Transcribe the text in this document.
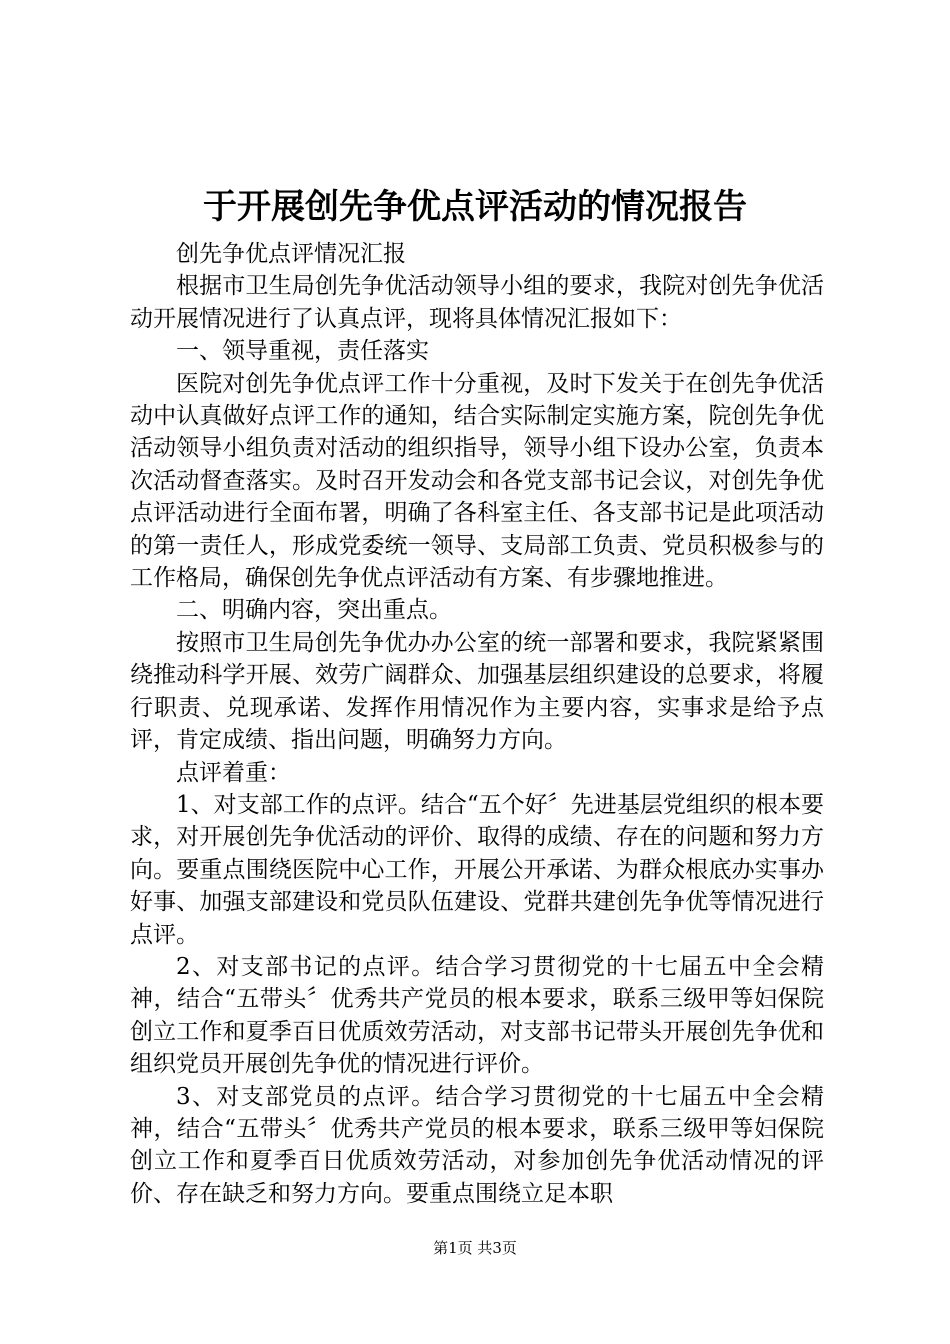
于开展创先争优点评活动的情况报告

创先争优点评情况汇报

根据市卫生局创先争优活动领导小组的要求，我院对创先争优活动开展情况进行了认真点评，现将具体情况汇报如下：

一、领导重视，责任落实

医院对创先争优点评工作十分重视，及时下发关于在创先争优活动中认真做好点评工作的通知，结合实际制定实施方案，院创先争优活动领导小组负责对活动的组织指导，领导小组下设办公室，负责本次活动督查落实。及时召开发动会和各党支部书记会议，对创先争优点评活动进行全面布署，明确了各科室主任、各支部书记是此项活动的第一责任人，形成党委统一领导、支局部工负责、党员积极参与的工作格局，确保创先争优点评活动有方案、有步骤地推进。

二、明确内容，突出重点。

按照市卫生局创先争优办办公室的统一部署和要求，我院紧紧围绕推动科学开展、效劳广阔群众、加强基层组织建设的总要求，将履行职责、兑现承诺、发挥作用情况作为主要内容，实事求是给予点评，肯定成绩、指出问题，明确努力方向。

点评着重：

1、对支部工作的点评。结合“五个好〞先进基层党组织的根本要求，对开展创先争优活动的评价、取得的成绩、存在的问题和努力方向。要重点围绕医院中心工作，开展公开承诺、为群众根底办实事办好事、加强支部建设和党员队伍建设、党群共建创先争优等情况进行点评。

2、对支部书记的点评。结合学习贯彻党的十七届五中全会精神，结合“五带头〞优秀共产党员的根本要求，联系三级甲等妇保院创立工作和夏季百日优质效劳活动，对支部书记带头开展创先争优和组织党员开展创先争优的情况进行评价。

3、对支部党员的点评。结合学习贯彻党的十七届五中全会精神，结合“五带头〞优秀共产党员的根本要求，联系三级甲等妇保院创立工作和夏季百日优质效劳活动，对参加创先争优活动情况的评价、存在缺乏和努力方向。要重点围绕立足本职

第1页 共3页
